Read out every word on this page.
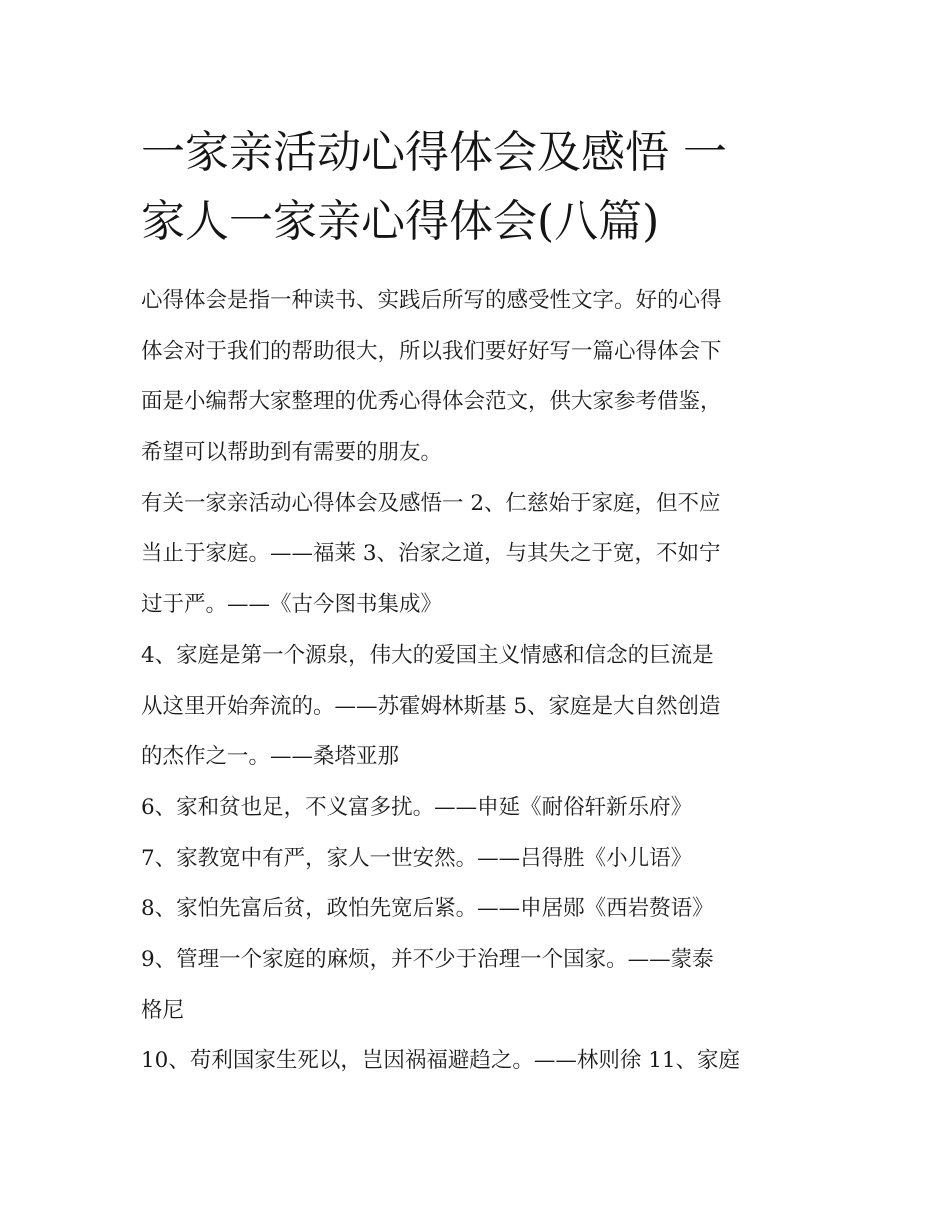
一家亲活动心得体会及感悟 一
家人一家亲心得体会(八篇)

心得体会是指一种读书、实践后所写的感受性文字。好的心得
体会对于我们的帮助很大，所以我们要好好写一篇心得体会下
面是小编帮大家整理的优秀心得体会范文，供大家参考借鉴，
希望可以帮助到有需要的朋友。

有关一家亲活动心得体会及感悟一 2、仁慈始于家庭，但不应
当止于家庭。——福莱 3、治家之道，与其失之于宽，不如宁
过于严。——《古今图书集成》

4、家庭是第一个源泉，伟大的爱国主义情感和信念的巨流是
从这里开始奔流的。——苏霍姆林斯基 5、家庭是大自然创造
的杰作之一。——桑塔亚那

6、家和贫也足，不义富多扰。——申延《耐俗轩新乐府》

7、家教宽中有严，家人一世安然。——吕得胜《小儿语》

8、家怕先富后贫，政怕先宽后紧。——申居郧《西岩赘语》

9、管理一个家庭的麻烦，并不少于治理一个国家。——蒙泰
格尼

10、苟利国家生死以，岂因祸福避趋之。——林则徐 11、家庭
